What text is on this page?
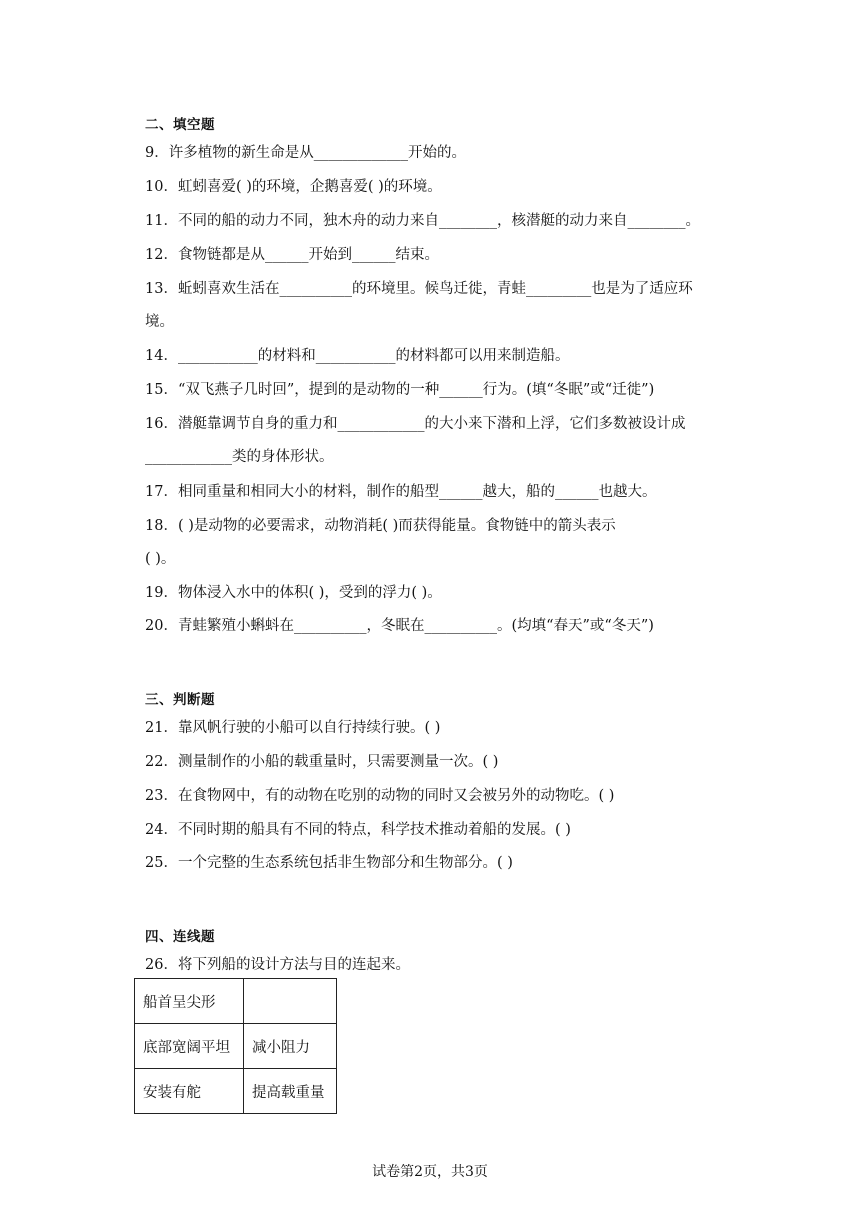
二、填空题
9．许多植物的新生命是从_____________开始的。
10．虹蚓喜爱( )的环境，企鹅喜爱( )的环境。
11．不同的船的动力不同，独木舟的动力来自________，核潜艇的动力来自________。
12．食物链都是从______开始到______结束。
13．蚯蚓喜欢生活在__________的环境里。候鸟迁徙，青蛙_________也是为了适应环
境。
14．___________的材料和___________的材料都可以用来制造船。
15．“双飞燕子几时回”，提到的是动物的一种______行为。(填“冬眠”或“迁徙”)
16．潜艇靠调节自身的重力和____________的大小来下潜和上浮，它们多数被设计成
____________类的身体形状。
17．相同重量和相同大小的材料，制作的船型______越大，船的______也越大。
18．( )是动物的必要需求，动物消耗( )而获得能量。食物链中的箭头表示
( )。
19．物体浸入水中的体积( )，受到的浮力( )。
20．青蛙繁殖小蝌蚪在__________，冬眠在__________。(均填“春天”或“冬天”)
三、判断题
21．靠风帆行驶的小船可以自行持续行驶。( )
22．测量制作的小船的载重量时，只需要测量一次。( )
23．在食物网中，有的动物在吃别的动物的同时又会被另外的动物吃。( )
24．不同时期的船具有不同的特点，科学技术推动着船的发展。( )
25．一个完整的生态系统包括非生物部分和生物部分。( )
四、连线题
26．将下列船的设计方法与目的连起来。
船首呈尖形	
底部宽阔平坦	减小阻力
安装有舵	提高载重量
试卷第2页，共3页
